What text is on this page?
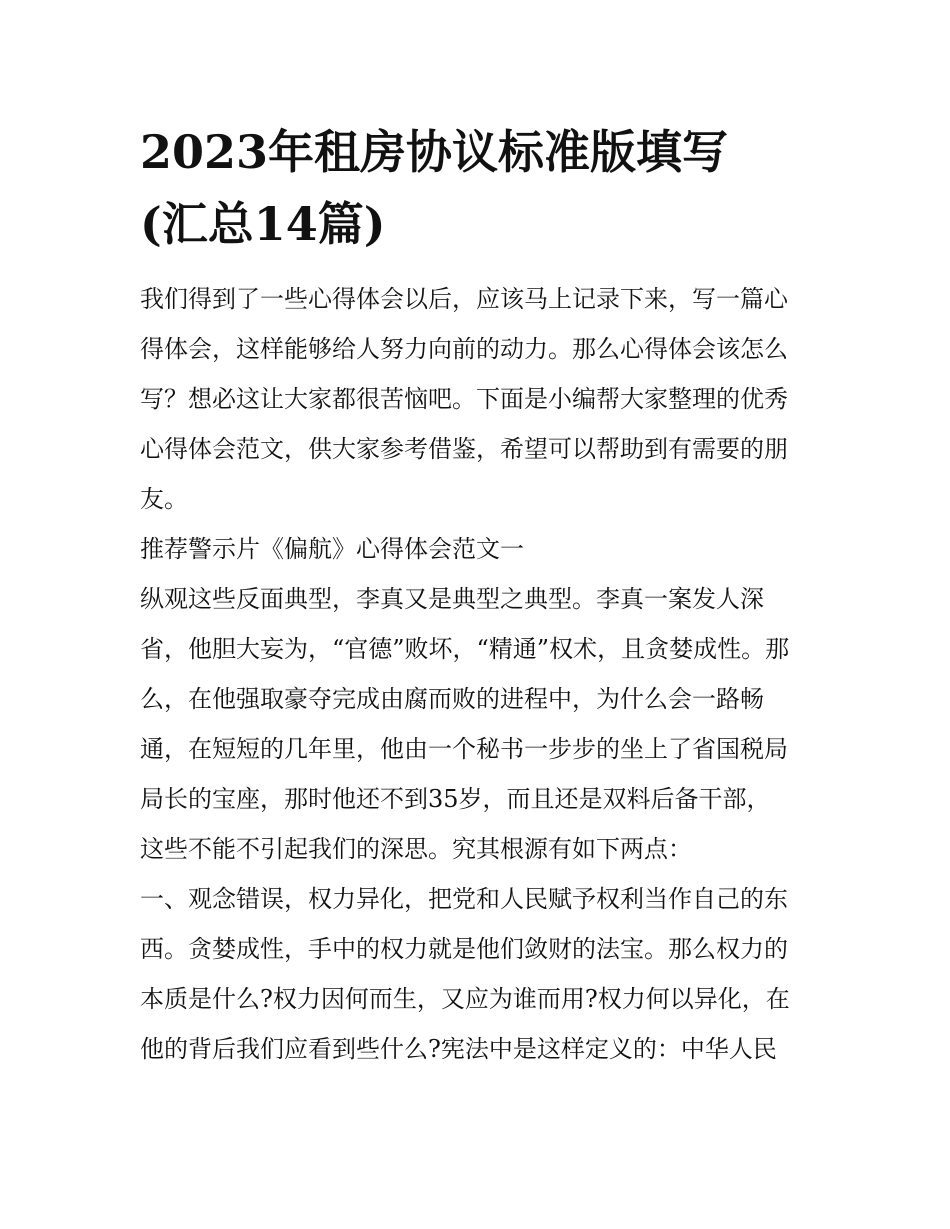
2023年租房协议标准版填写
(汇总14篇)
我们得到了一些心得体会以后，应该马上记录下来，写一篇心
得体会，这样能够给人努力向前的动力。那么心得体会该怎么
写？想必这让大家都很苦恼吧。下面是小编帮大家整理的优秀
心得体会范文，供大家参考借鉴，希望可以帮助到有需要的朋
友。
推荐警示片《偏航》心得体会范文一
纵观这些反面典型，李真又是典型之典型。李真一案发人深
省，他胆大妄为，“官德”败坏，“精通”权术，且贪婪成性。那
么，在他强取豪夺完成由腐而败的进程中，为什么会一路畅
通，在短短的几年里，他由一个秘书一步步的坐上了省国税局
局长的宝座，那时他还不到35岁，而且还是双料后备干部，
这些不能不引起我们的深思。究其根源有如下两点：
一、观念错误，权力异化，把党和人民赋予权利当作自己的东
西。贪婪成性，手中的权力就是他们敛财的法宝。那么权力的
本质是什么?权力因何而生，又应为谁而用?权力何以异化，在
他的背后我们应看到些什么?宪法中是这样定义的：中华人民
